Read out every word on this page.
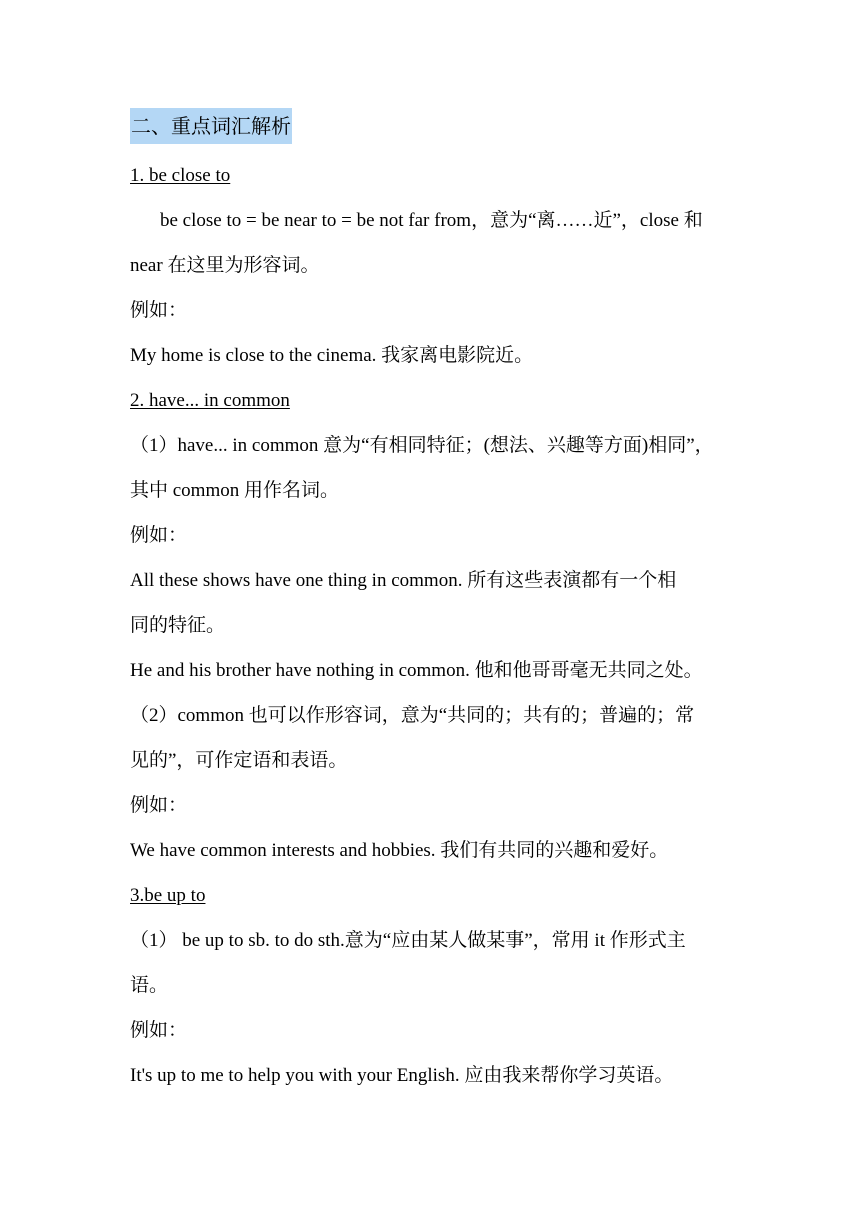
二、重点词汇解析
1. be close to
be close to = be near to = be not far from，意为“离……近”，close 和
near 在这里为形容词。
例如：
My home is close to the cinema. 我家离电影院近。
2. have... in common
（1）have... in common 意为“有相同特征；(想法、兴趣等方面)相同”，
其中 common 用作名词。
例如：
All these shows have one thing in common. 所有这些表演都有一个相
同的特征。
He and his brother have nothing in common. 他和他哥哥毫无共同之处。
（2）common 也可以作形容词，意为“共同的；共有的；普遍的；常
见的”，可作定语和表语。
例如：
We have common interests and hobbies. 我们有共同的兴趣和爱好。
3.be up to
（1） be up to sb. to do sth.意为“应由某人做某事”，常用 it 作形式主
语。
例如：
It's up to me to help you with your English. 应由我来帮你学习英语。
